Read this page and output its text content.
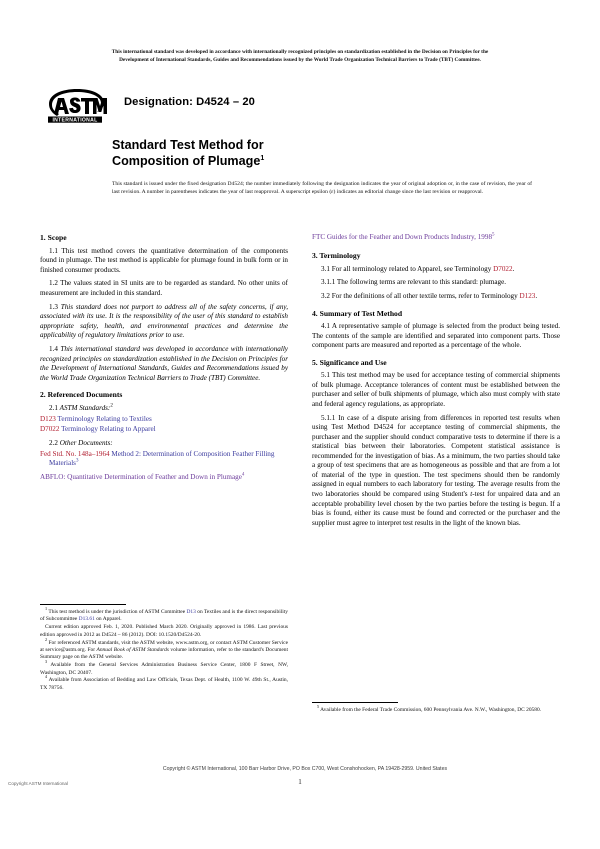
This international standard was developed in accordance with internationally recognized principles on standardization established in the Decision on Principles for the
Development of International Standards, Guides and Recommendations issued by the World Trade Organization Technical Barriers to Trade (TBT) Committee.
INTERNATIONAL
Designation: D4524 – 20
Standard Test Method for
Composition of Plumage$^1$
This standard is issued under the fixed designation D4524; the number immediately following the designation indicates the year of original adoption or, in the case of revision, the year of last revision. A number in parentheses indicates the year of last reapproval. A superscript epsilon (ε) indicates an editorial change since the last revision or reapproval.
1. Scope

1.1 This test method covers the quantitative determination of the components found in plumage. The test method is applicable for plumage found in bulk form or in finished consumer products.

1.2 The values stated in SI units are to be regarded as standard. No other units of measurement are included in this standard.

1.3 This standard does not purport to address all of the safety concerns, if any, associated with its use. It is the responsibility of the user of this standard to establish appropriate safety, health, and environmental practices and determine the applicability of regulatory limitations prior to use.

1.4 This international standard was developed in accordance with internationally recognized principles on standardization established in the Decision on Principles for the Development of International Standards, Guides and Recommendations issued by the World Trade Organization Technical Barriers to Trade (TBT) Committee.

2. Referenced Documents

2.1 ASTM Standards:$^2$

D123 Terminology Relating to Textiles

D7022 Terminology Relating to Apparel

2.2 Other Documents:

Fed Std. No. 148a–1964 Method 2: Determination of Composition Feather Filling Materials$^3$

ABFLO: Quantitative Determination of Feather and Down in Plumage$^4$

FTC Guides for the Feather and Down Products Industry, 1998$^5$

3. Terminology

3.1 For all terminology related to Apparel, see Terminology D7022.

3.1.1 The following terms are relevant to this standard: plumage.

3.2 For the definitions of all other textile terms, refer to Terminology D123.

4. Summary of Test Method

4.1 A representative sample of plumage is selected from the product being tested. The contents of the sample are identified and separated into component parts. Those component parts are measured and reported as a percentage of the whole.

5. Significance and Use

5.1 This test method may be used for acceptance testing of commercial shipments of bulk plumage. Acceptance tolerances of content must be established between the purchaser and seller of bulk shipments of plumage, which also must comply with state and federal agency regulations, as appropriate.

5.1.1 In case of a dispute arising from differences in reported test results when using Test Method D4524 for acceptance testing of commercial shipments, the purchaser and the supplier should conduct comparative tests to determine if there is a statistical bias between their laboratories. Competent statistical assistance is recommended for the investigation of bias. As a minimum, the two parties should take a group of test specimens that are as homogeneous as possible and that are from a lot of material of the type in question. The test specimens should then be randomly assigned in equal numbers to each laboratory for testing. The average results from the two laboratories should be compared using Student's t-test for unpaired data and an acceptable probability level chosen by the two parties before the testing is begun. If a bias is found, either its cause must be found and corrected or the purchaser and the supplier must agree to interpret test results in the light of the known bias.

$^1$ This test method is under the jurisdiction of ASTM Committee D13 on Textiles and is the direct responsibility of Subcommittee D13.61 on Apparel.

Current edition approved Feb. 1, 2020. Published March 2020. Originally approved in 1986. Last previous edition approved in 2012 as D4524 – 86 (2012). DOI: 10.1520/D4524-20.

$^2$ For referenced ASTM standards, visit the ASTM website, www.astm.org, or contact ASTM Customer Service at service@astm.org. For Annual Book of ASTM Standards volume information, refer to the standard's Document Summary page on the ASTM website.

$^3$ Available from the General Services Administration Business Service Center, 1800 F Street, NW, Washington, DC 20407.

$^4$ Available from Association of Bedding and Law Officials, Texas Dept. of Health, 1100 W. 49th St., Austin, TX 78756.

$^5$ Available from the Federal Trade Commission, 600 Pennsylvania Ave. N.W., Washington, DC 20580.

Copyright © ASTM International, 100 Barr Harbor Drive, PO Box C700, West Conshohocken, PA 19428-2959. United States
Copyright ASTM International	1
